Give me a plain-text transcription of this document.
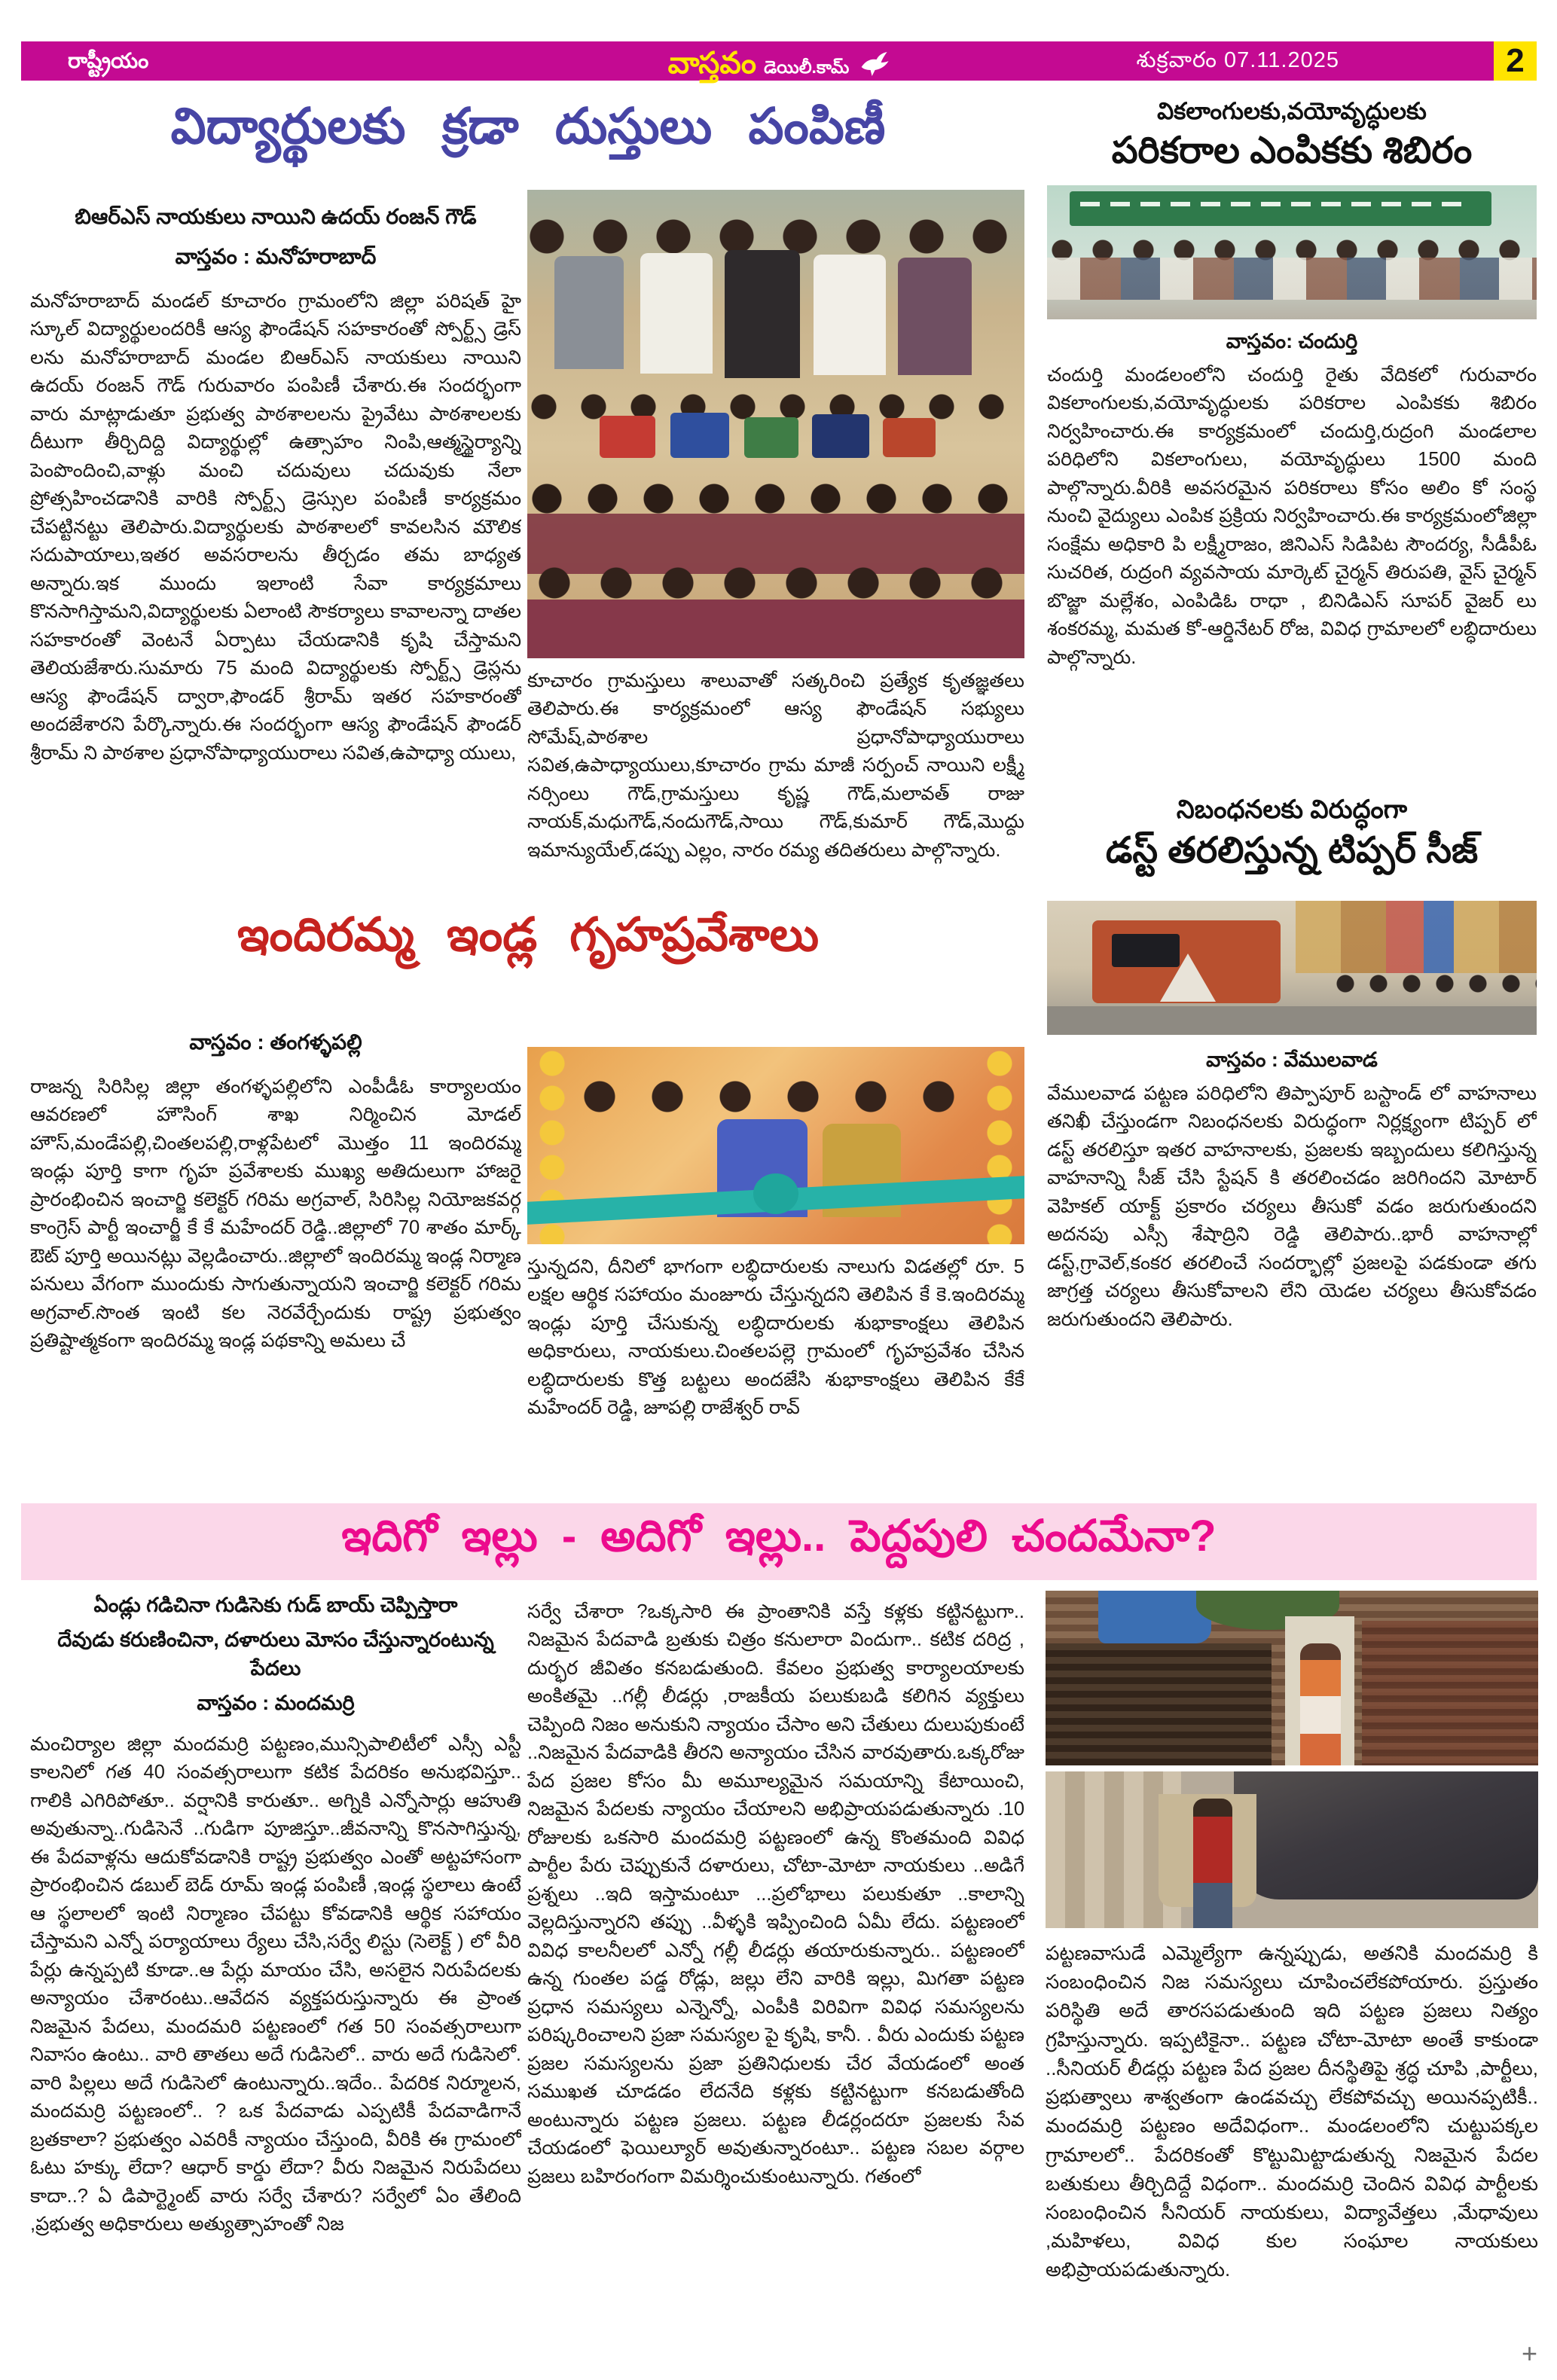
రాష్ట్రీయం	వాస్తవం డెయిలీ.కామ్	శుక్రవారం 07.11.2025	2
విద్యార్థులకు క్రడా దుస్తులు పంపిణీ
బిఆర్ఎస్ నాయకులు నాయిని ఉదయ్ రంజన్ గౌడ్
వాస్తవం : మనోహరాబాద్
మనోహరాబాద్ మండల్ కూచారం గ్రామంలోని జిల్లా పరిషత్ హై స్కూల్ విద్యార్థులందరికీ ఆస్య ఫౌండేషన్ సహకారంతో స్పోర్ట్స్ డ్రెస్ లను మనోహరాబాద్ మండల బిఆర్ఎస్ నాయకులు నాయిని ఉదయ్ రంజన్ గౌడ్ గురువారం పంపిణీ చేశారు.ఈ సందర్భంగా వారు మాట్లాడుతూ ప్రభుత్వ పాఠశాలలను ప్రైవేటు పాఠశాలలకు దీటుగా తీర్చిదిద్ది విద్యార్థుల్లో ఉత్సాహం నింపి,ఆత్మస్థైర్యాన్ని పెంపొందించి,వాళ్లు మంచి చదువులు చదువుకు నేలా ప్రోత్సహించడానికి వారికి స్పోర్ట్స్ డ్రెస్సుల పంపిణీ కార్యక్రమం చేపట్టినట్టు తెలిపారు.విద్యార్థులకు పాఠశాలలో కావలసిన మౌలిక సదుపాయాలు,ఇతర అవసరాలను తీర్చడం తమ బాధ్యత అన్నారు.ఇక ముందు ఇలాంటి సేవా కార్యక్రమాలు కొనసాగిస్తామని,విద్యార్థులకు ఏలాంటి సౌకర్యాలు కావాలన్నా దాతల సహకారంతో వెంటనే ఏర్పాటు చేయడానికి కృషి చేస్తామని తెలియజేశారు.సుమారు 75 మంది విద్యార్థులకు స్పోర్ట్స్ డ్రెస్లను ఆస్య ఫౌండేషన్ ద్వారా,ఫౌండర్ శ్రీరామ్ ఇతర సహకారంతో అందజేశారని పేర్కొన్నారు.ఈ సందర్భంగా ఆస్య ఫౌండేషన్ ఫౌండర్ శ్రీరామ్ ని పాఠశాల ప్రధానోపాధ్యాయురాలు సవిత,ఉపాధ్యా యులు,
కూచారం గ్రామస్తులు శాలువాతో సత్కరించి ప్రత్యేక కృతజ్ఞతలు తెలిపారు.ఈ కార్యక్రమంలో ఆస్య ఫౌండేషన్ సభ్యులు సోమేష్,పాఠశాల ప్రధానోపాధ్యాయురాలు సవిత,ఉపాధ్యాయులు,కూచారం గ్రామ మాజీ సర్పంచ్ నాయిని లక్ష్మీ నర్సింలు గౌడ్,గ్రామస్తులు కృష్ణ గౌడ్,మలావత్ రాజు నాయక్,మధుగౌడ్,నందుగౌడ్,సాయి గౌడ్,కుమార్ గౌడ్,మొద్దు ఇమాన్యుయేల్,డప్పు ఎల్లం, నారం రమ్య తదితరులు పాల్గొన్నారు.
వికలాంగులకు,వయోవృద్ధులకు
పరికరాల ఎంపికకు శిబిరం
వాస్తవం: చందుర్తి
చందుర్తి మండలంలోని చందుర్తి రైతు వేదికలో గురువారం వికలాంగులకు,వయోవృద్ధులకు పరికరాల ఎంపికకు శిబిరం నిర్వహించారు.ఈ కార్యక్రమంలో చందుర్తి,రుద్రంగి మండలాల పరిధిలోని వికలాంగులు, వయోవృద్ధులు 1500 మంది పాల్గొన్నారు.వీరికి అవసరమైన పరికరాలు కోసం అలిం కో సంస్థ నుంచి వైద్యులు ఎంపిక ప్రక్రియ నిర్వహించారు.ఈ కార్యక్రమంలోజిల్లా సంక్షేమ అధికారి పి లక్ష్మీరాజం, జినిఎస్ సిడిపిట సౌందర్య, సీడీపీఓ సుచరిత, రుద్రంగి వ్యవసాయ మార్కెట్ చైర్మన్ తిరుపతి, వైస్ చైర్మన్ బొజ్జా మల్లేశం, ఎంపిడిఓ రాధా , బినిడిఎస్ సూపర్ వైజర్ లు శంకరమ్మ, మమత కో-ఆర్డినేటర్ రోజ, వివిధ గ్రామాలలో లబ్ధిదారులు పాల్గొన్నారు.
నిబంధనలకు విరుద్ధంగా
డస్ట్ తరలిస్తున్న టిప్పర్ సీజ్
వాస్తవం : వేములవాడ
వేములవాడ పట్టణ పరిధిలోని తిప్పాపూర్ బస్టాండ్ లో వాహనాలు తనిఖీ చేస్తుండగా నిబంధనలకు విరుద్ధంగా నిర్లక్ష్యంగా టిప్పర్ లో డస్ట్ తరలిస్తూ ఇతర వాహనాలకు, ప్రజలకు ఇబ్బందులు కలిగిస్తున్న వాహనాన్ని సీజ్ చేసి స్టేషన్ కి తరలించడం జరిగిందని మోటార్ వెహికల్ యాక్ట్ ప్రకారం చర్యలు తీసుకో వడం జరుగుతుందని అదనపు ఎస్సీ శేషాద్రిని రెడ్డి తెలిపారు..భారీ వాహనాల్లో డస్ట్,గ్రావెల్,కంకర తరలించే సందర్భాల్లో ప్రజలపై పడకుండా తగు జాగ్రత్త చర్యలు తీసుకోవాలని లేని యెడల చర్యలు తీసుకోవడం జరుగుతుందని తెలిపారు.
ఇందిరమ్మ ఇండ్ల గృహప్రవేశాలు
వాస్తవం : తంగళ్ళపల్లి
రాజన్న సిరిసిల్ల జిల్లా తంగళ్ళపల్లిలోని ఎంపీడీఓ కార్యాలయం ఆవరణలో హౌసింగ్ శాఖ నిర్మించిన మోడల్ హౌస్,మండేపల్లి,చింతలపల్లి,రాళ్లపేటలో మొత్తం 11 ఇందిరమ్మ ఇండ్లు పూర్తి కాగా గృహ ప్రవేశాలకు ముఖ్య అతిదులుగా హాజరై ప్రారంభించిన ఇంచార్జి కలెక్టర్ గరిమ అగ్రవాల్, సిరిసిల్ల నియోజకవర్గ కాంగ్రెస్ పార్టీ ఇంచార్జీ కే కే మహేందర్ రెడ్డి..జిల్లాలో 70 శాతం మార్క్ ఔట్ పూర్తి అయినట్లు వెల్లడించారు..జిల్లాలో ఇందిరమ్మ ఇండ్ల నిర్మాణ పనులు వేగంగా ముందుకు సాగుతున్నాయని ఇంచార్జి కలెక్టర్ గరిమ అగ్రవాల్.సొంత ఇంటి కల నెరవేర్చేందుకు రాష్ట్ర ప్రభుత్వం ప్రతిష్టాత్మకంగా ఇందిరమ్మ ఇండ్ల పథకాన్ని అమలు చే
స్తున్నదని, దీనిలో భాగంగా లబ్ధిదారులకు నాలుగు విడతల్లో రూ. 5 లక్షల ఆర్థిక సహాయం మంజూరు చేస్తున్నదని తెలిపిన కే కె.ఇందిరమ్మ ఇండ్లు పూర్తి చేసుకున్న లబ్ధిదారులకు శుభాకాంక్షలు తెలిపిన అధికారులు, నాయకులు.చింతలపల్లె గ్రామంలో గృహప్రవేశం చేసిన లబ్ధిదారులకు కొత్త బట్టలు అందజేసి శుభాకాంక్షలు తెలిపిన కేకే మహేందర్ రెడ్డి, జూపల్లి రాజేశ్వర్ రావ్
ఇదిగో ఇల్లు - అదిగో ఇల్లు.. పెద్దపులి చందమేనా?
ఏండ్లు గడిచినా గుడిసెకు గుడ్ బాయ్ చెప్పిస్తారా
దేవుడు కరుణించినా, దళారులు మోసం చేస్తున్నారంటున్న పేదలు
వాస్తవం : మందమర్రి
మంచిర్యాల జిల్లా మందమర్రి పట్టణం,మున్సిపాలిటీలో ఎస్సీ ఎస్టీ కాలనిలో గత 40 సంవత్సరాలుగా కటిక పేదరికం అనుభవిస్తూ.. గాలికి ఎగిరిపోతూ.. వర్షానికి కారుతూ.. అగ్నికి ఎన్నోసార్లు ఆహుతి అవుతున్నా..గుడిసెనే ..గుడిగా పూజిస్తూ..జీవనాన్ని కొనసాగిస్తున్న, ఈ పేదవాళ్లను ఆదుకోవడానికి రాష్ట్ర ప్రభుత్వం ఎంతో అట్టహాసంగా ప్రారంభించిన డబుల్ బెడ్ రూమ్ ఇండ్ల పంపిణీ ,ఇండ్ల స్థలాలు ఉంటే ఆ స్థలాలలో ఇంటి నిర్మాణం చేపట్టు కోవడానికి ఆర్థిక సహాయం చేస్తామని ఎన్నో పర్యాయాలు ర్యేలు చేసి,సర్వే లిస్టు (సెలెక్ట్ ) లో వీరి పేర్లు ఉన్నప్పటి కూడా..ఆ పేర్లు మాయం చేసి, అసలైన నిరుపేదలకు అన్యాయం చేశారంటు..ఆవేదన వ్యక్తపరుస్తున్నారు ఈ ప్రాంత నిజమైన పేదలు, మందమరి పట్టణంలో గత 50 సంవత్సరాలుగా నివాసం ఉంటు.. వారి తాతలు అదే గుడిసెలో.. వారు అదే గుడిసెలో. వారి పిల్లలు అదే గుడిసెలో ఉంటున్నారు..ఇదేం.. పేదరిక నిర్మూలన, మందమర్రి పట్టణంలో.. ? ఒక పేదవాడు ఎప్పటికీ పేదవాడిగానే బ్రతకాలా? ప్రభుత్వం ఎవరికీ న్యాయం చేస్తుంది, వీరికి ఈ గ్రామంలో ఓటు హక్కు లేదా? ఆధార్ కార్డు లేదా? వీరు నిజమైన నిరుపేదలు కాదా..? ఏ డిపార్ట్మెంట్ వారు సర్వే చేశారు? సర్వేలో ఏం తేలింది ,ప్రభుత్వ అధికారులు అత్యుత్సాహంతో నిజ
సర్వే చేశారా ?ఒక్కసారి ఈ ప్రాంతానికి వస్తే కళ్లకు కట్టినట్టుగా.. నిజమైన పేదవాడి బ్రతుకు చిత్రం కనులారా విందుగా.. కటిక దరిద్ర , దుర్భర జీవితం కనబడుతుంది. కేవలం ప్రభుత్వ కార్యాలయాలకు అంకితమై ..గల్లీ లీడర్లు ,రాజకీయ పలుకుబడి కలిగిన వ్యక్తులు చెప్పింది నిజం అనుకుని న్యాయం చేసాం అని చేతులు దులుపుకుంటే ..నిజమైన పేదవాడికి తీరని అన్యాయం చేసిన వారవుతారు.ఒక్కరోజు పేద ప్రజల కోసం మీ అమూల్యమైన సమయాన్ని కేటాయించి, నిజమైన పేదలకు న్యాయం చేయాలని అభిప్రాయపడుతున్నారు .10 రోజులకు ఒకసారి మందమర్రి పట్టణంలో ఉన్న కొంతమంది వివిధ పార్టీల పేరు చెప్పుకునే దళారులు, చోటా-మోటా నాయకులు ..అడిగే ప్రశ్నలు ..ఇది ఇస్తామంటూ ...ప్రలోభాలు పలుకుతూ ..కాలాన్ని వెల్లదిస్తున్నారని తప్పు ..వీళ్ళకి ఇప్పించింది ఏమీ లేదు. పట్టణంలో వివిధ కాలనీలలో ఎన్నో గల్లీ లీడర్లు తయారుకున్నారు.. పట్టణంలో ఉన్న గుంతల పడ్డ రోడ్లు, జల్లు లేని వారికి ఇల్లు, మిగతా పట్టణ ప్రధాన సమస్యలు ఎన్నెన్నో, ఎంపీకి విరివిగా వివిధ సమస్యలను పరిష్కరించాలని ప్రజా సమస్యల పై కృషి, కానీ. . వీరు ఎందుకు పట్టణ ప్రజల సమస్యలను ప్రజా ప్రతినిధులకు చేర వేయడంలో అంత సముఖత చూడడం లేదనేది కళ్లకు కట్టినట్టుగా కనబడుతోంది అంటున్నారు పట్టణ ప్రజలు. పట్టణ లీడర్లందరూ ప్రజలకు సేవ చేయడంలో ఫెయిల్యూర్ అవుతున్నారంటూ.. పట్టణ సబల వర్గాల ప్రజలు బహిరంగంగా విమర్శించుకుంటున్నారు. గతంలో
పట్టణవాసుడే ఎమ్మెల్యేగా ఉన్నప్పుడు, అతనికి మందమర్రి కి సంబంధించిన నిజ సమస్యలు చూపించలేకపోయారు. ప్రస్తుతం పరిస్థితి అదే తారసపడుతుంది ఇది పట్టణ ప్రజలు నిత్యం గ్రహిస్తున్నారు. ఇప్పటికైనా.. పట్టణ చోటా-మోటా అంతే కాకుండా ..సీనియర్ లీడర్లు పట్టణ పేద ప్రజల దీనస్థితిపై శ్రద్ధ చూపి ,పార్టీలు, ప్రభుత్వాలు శాశ్వతంగా ఉండవచ్చు లేకపోవచ్చు అయినప్పటికీ.. మందమర్రి పట్టణం అదేవిధంగా.. మండలంలోని చుట్టుపక్కల గ్రామాలలో.. పేదరికంతో కొట్టుమిట్టాడుతున్న నిజమైన పేదల బతుకులు తీర్చిదిద్దే విధంగా.. మందమర్రి చెందిన వివిధ పార్టీలకు సంబంధించిన సీనియర్ నాయకులు, విద్యావేత్తలు ,మేధావులు ,మహిళలు, వివిధ కుల సంఘాల నాయకులు అభిప్రాయపడుతున్నారు.
+
